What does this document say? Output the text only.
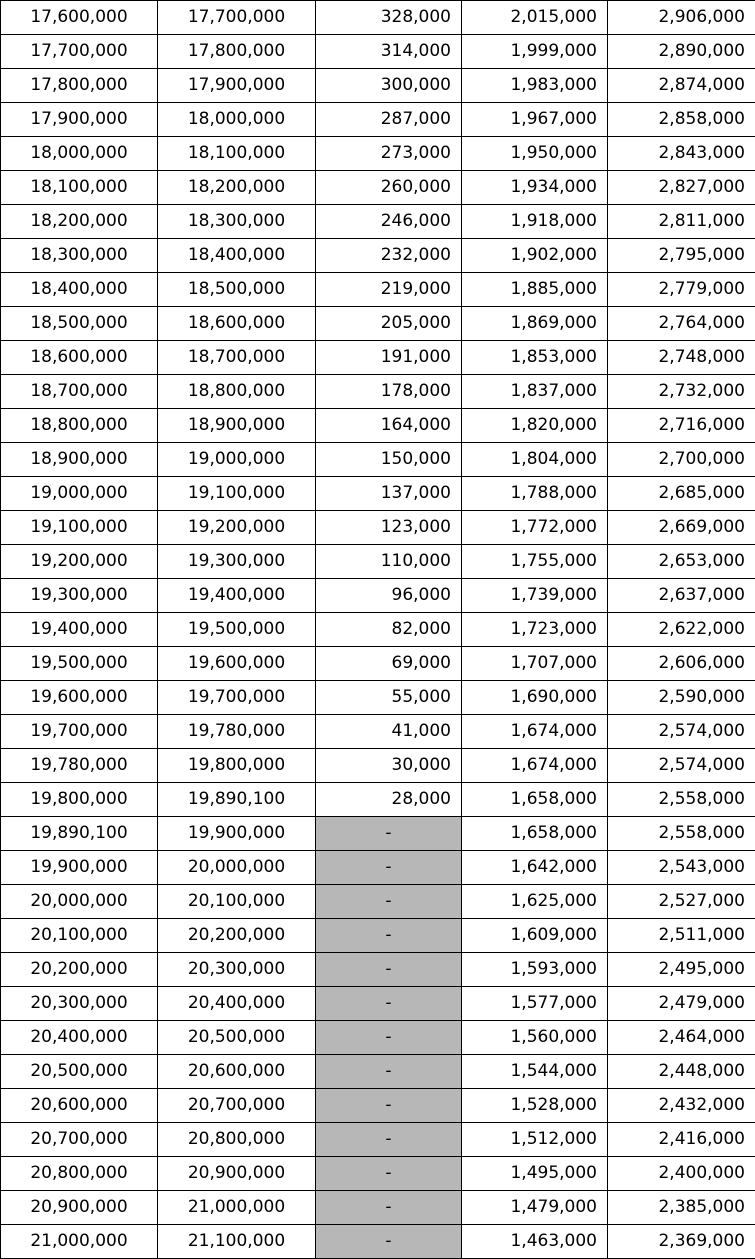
17,600,000	17,700,000	328,000	2,015,000	2,906,000
17,700,000	17,800,000	314,000	1,999,000	2,890,000
17,800,000	17,900,000	300,000	1,983,000	2,874,000
17,900,000	18,000,000	287,000	1,967,000	2,858,000
18,000,000	18,100,000	273,000	1,950,000	2,843,000
18,100,000	18,200,000	260,000	1,934,000	2,827,000
18,200,000	18,300,000	246,000	1,918,000	2,811,000
18,300,000	18,400,000	232,000	1,902,000	2,795,000
18,400,000	18,500,000	219,000	1,885,000	2,779,000
18,500,000	18,600,000	205,000	1,869,000	2,764,000
18,600,000	18,700,000	191,000	1,853,000	2,748,000
18,700,000	18,800,000	178,000	1,837,000	2,732,000
18,800,000	18,900,000	164,000	1,820,000	2,716,000
18,900,000	19,000,000	150,000	1,804,000	2,700,000
19,000,000	19,100,000	137,000	1,788,000	2,685,000
19,100,000	19,200,000	123,000	1,772,000	2,669,000
19,200,000	19,300,000	110,000	1,755,000	2,653,000
19,300,000	19,400,000	96,000	1,739,000	2,637,000
19,400,000	19,500,000	82,000	1,723,000	2,622,000
19,500,000	19,600,000	69,000	1,707,000	2,606,000
19,600,000	19,700,000	55,000	1,690,000	2,590,000
19,700,000	19,780,000	41,000	1,674,000	2,574,000
19,780,000	19,800,000	30,000	1,674,000	2,574,000
19,800,000	19,890,100	28,000	1,658,000	2,558,000
19,890,100	19,900,000	-	1,658,000	2,558,000
19,900,000	20,000,000	-	1,642,000	2,543,000
20,000,000	20,100,000	-	1,625,000	2,527,000
20,100,000	20,200,000	-	1,609,000	2,511,000
20,200,000	20,300,000	-	1,593,000	2,495,000
20,300,000	20,400,000	-	1,577,000	2,479,000
20,400,000	20,500,000	-	1,560,000	2,464,000
20,500,000	20,600,000	-	1,544,000	2,448,000
20,600,000	20,700,000	-	1,528,000	2,432,000
20,700,000	20,800,000	-	1,512,000	2,416,000
20,800,000	20,900,000	-	1,495,000	2,400,000
20,900,000	21,000,000	-	1,479,000	2,385,000
21,000,000	21,100,000	-	1,463,000	2,369,000
